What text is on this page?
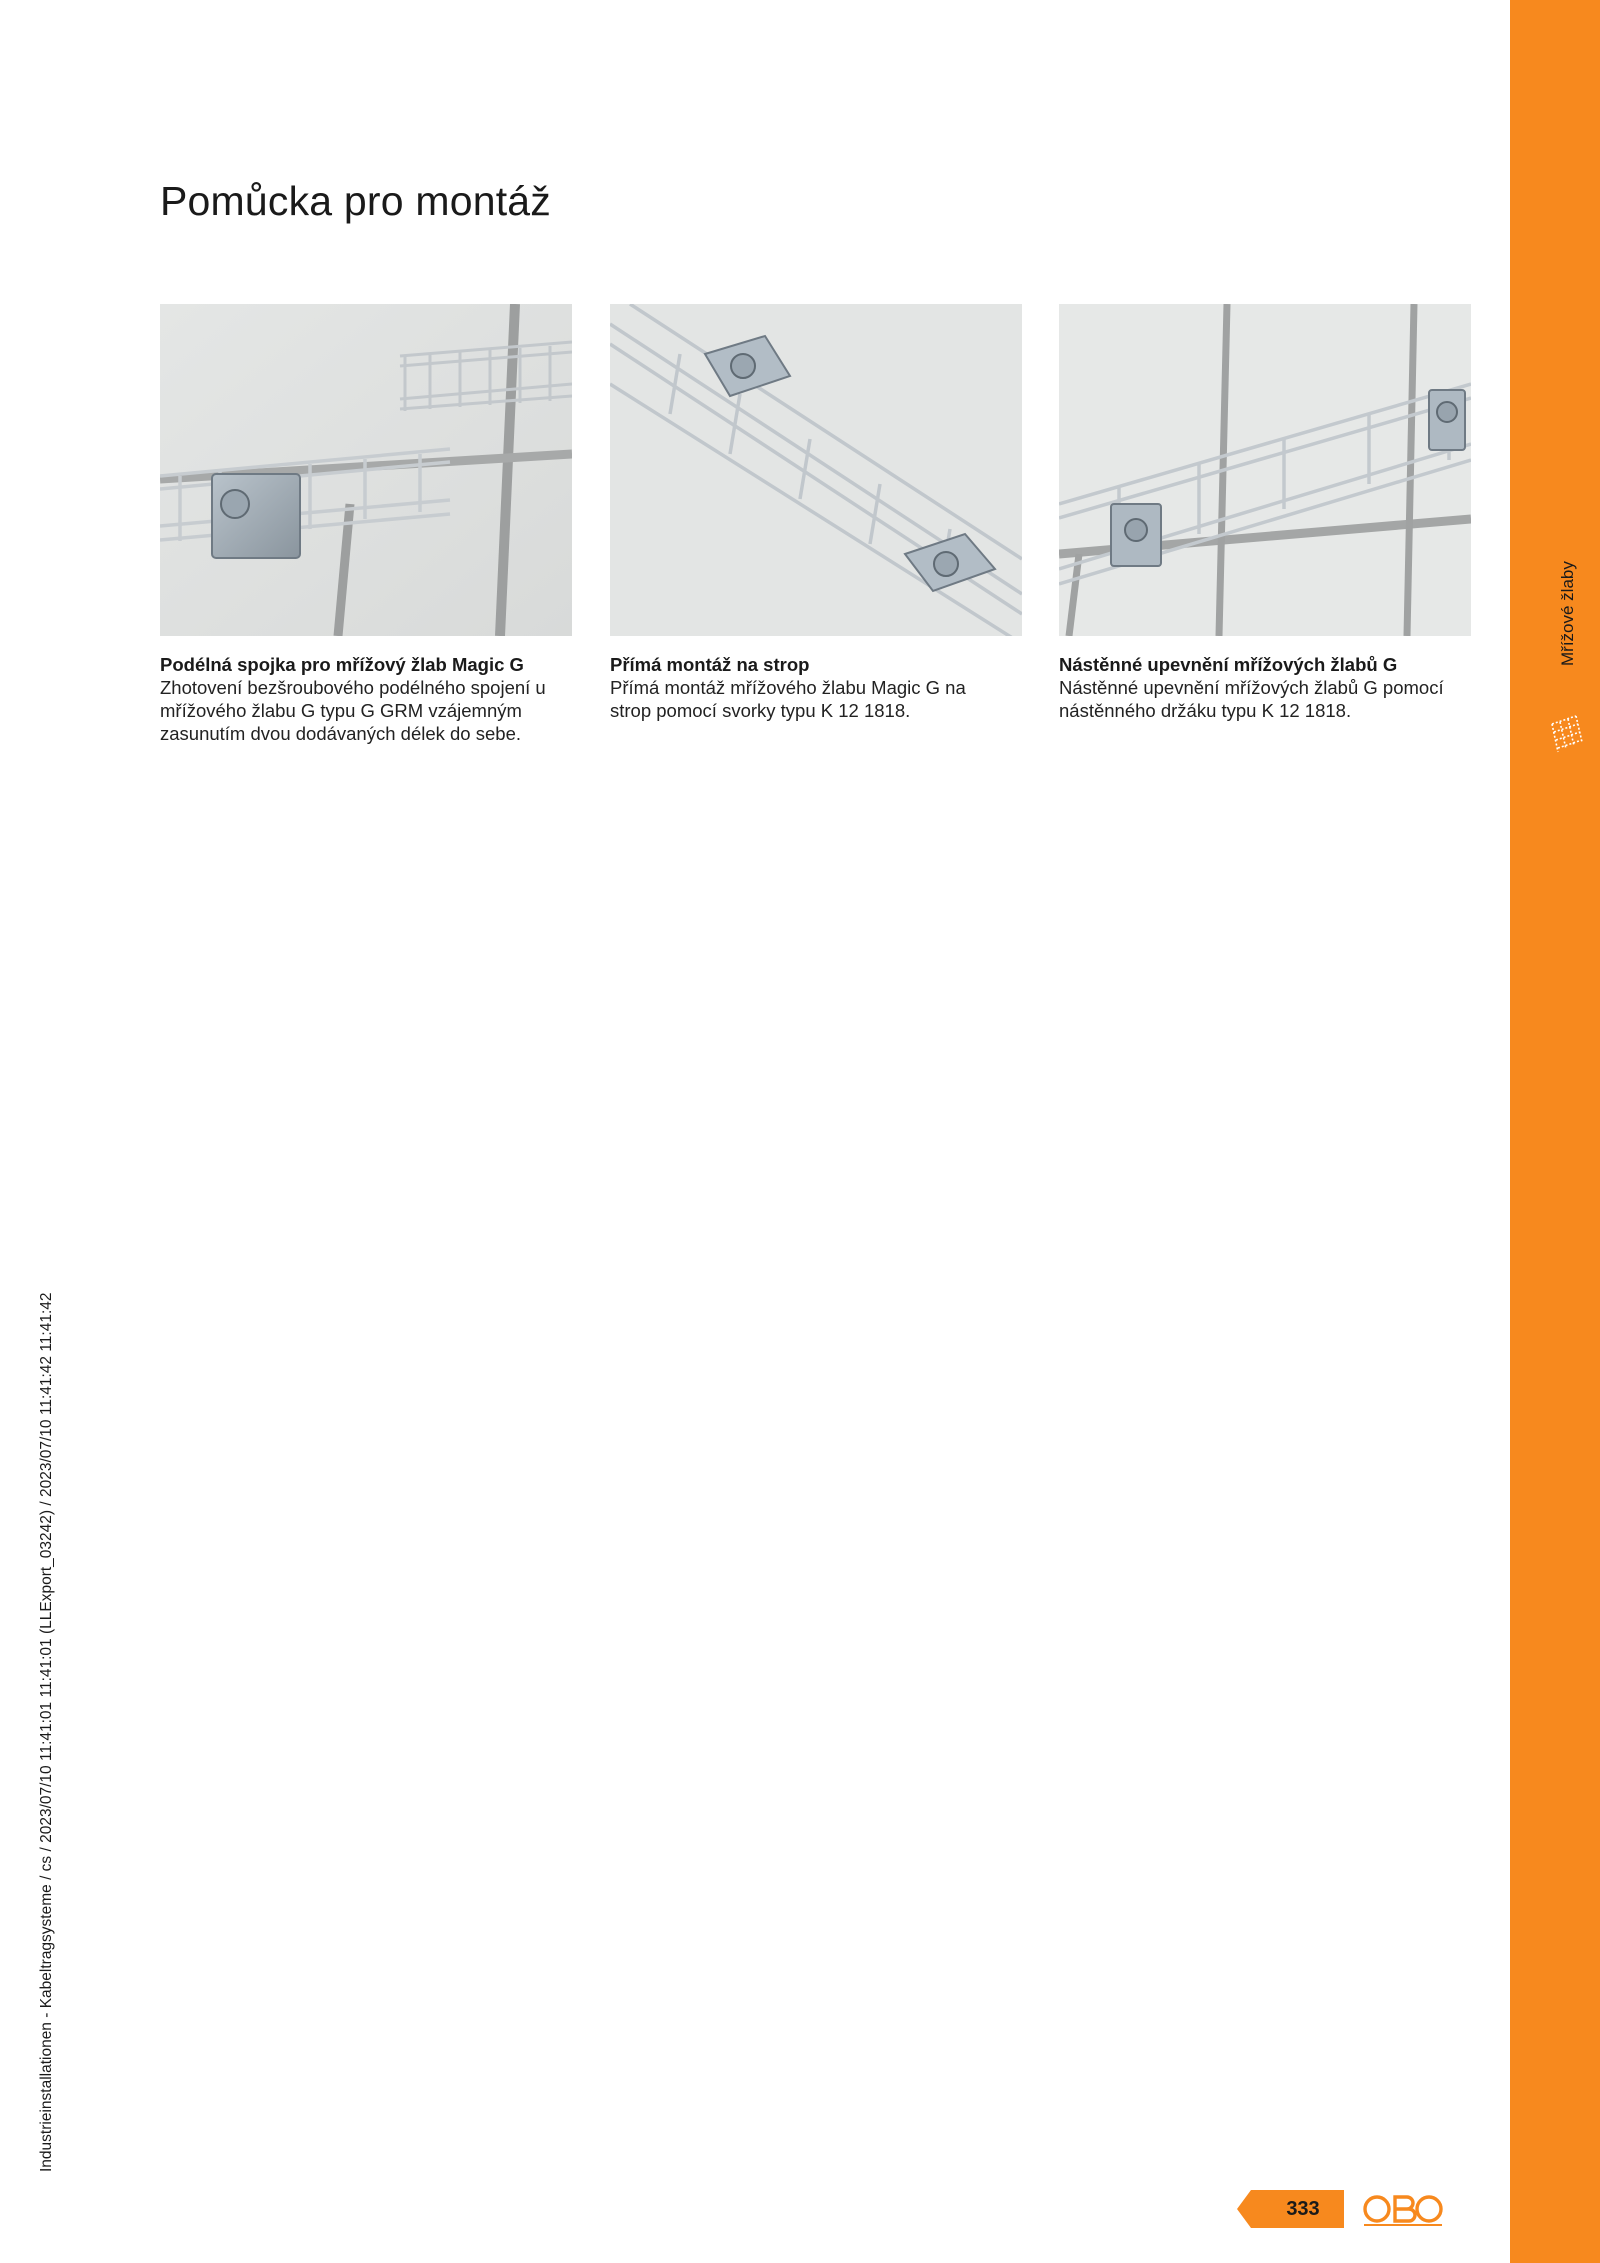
Pomůcka pro montáž
Podélná spojka pro mřížový žlab Magic G
Zhotovení bezšroubového podélného spojení u
mřížového žlabu G typu G GRM vzájemným
zasunutím dvou dodávaných délek do sebe.
Přímá montáž na strop
Přímá montáž mřížového žlabu Magic G na
strop pomocí svorky typu K 12 1818.
Nástěnné upevnění mřížových žlabů G
Nástěnné upevnění mřížových žlabů G pomocí
nástěnného držáku typu K 12 1818.
Mřížové žlaby
Industrieinstallationen - Kabeltragsysteme / cs / 2023/07/10 11:41:01 11:41:01 (LLExport_03242) / 2023/07/10 11:41:42 11:41:42
333
